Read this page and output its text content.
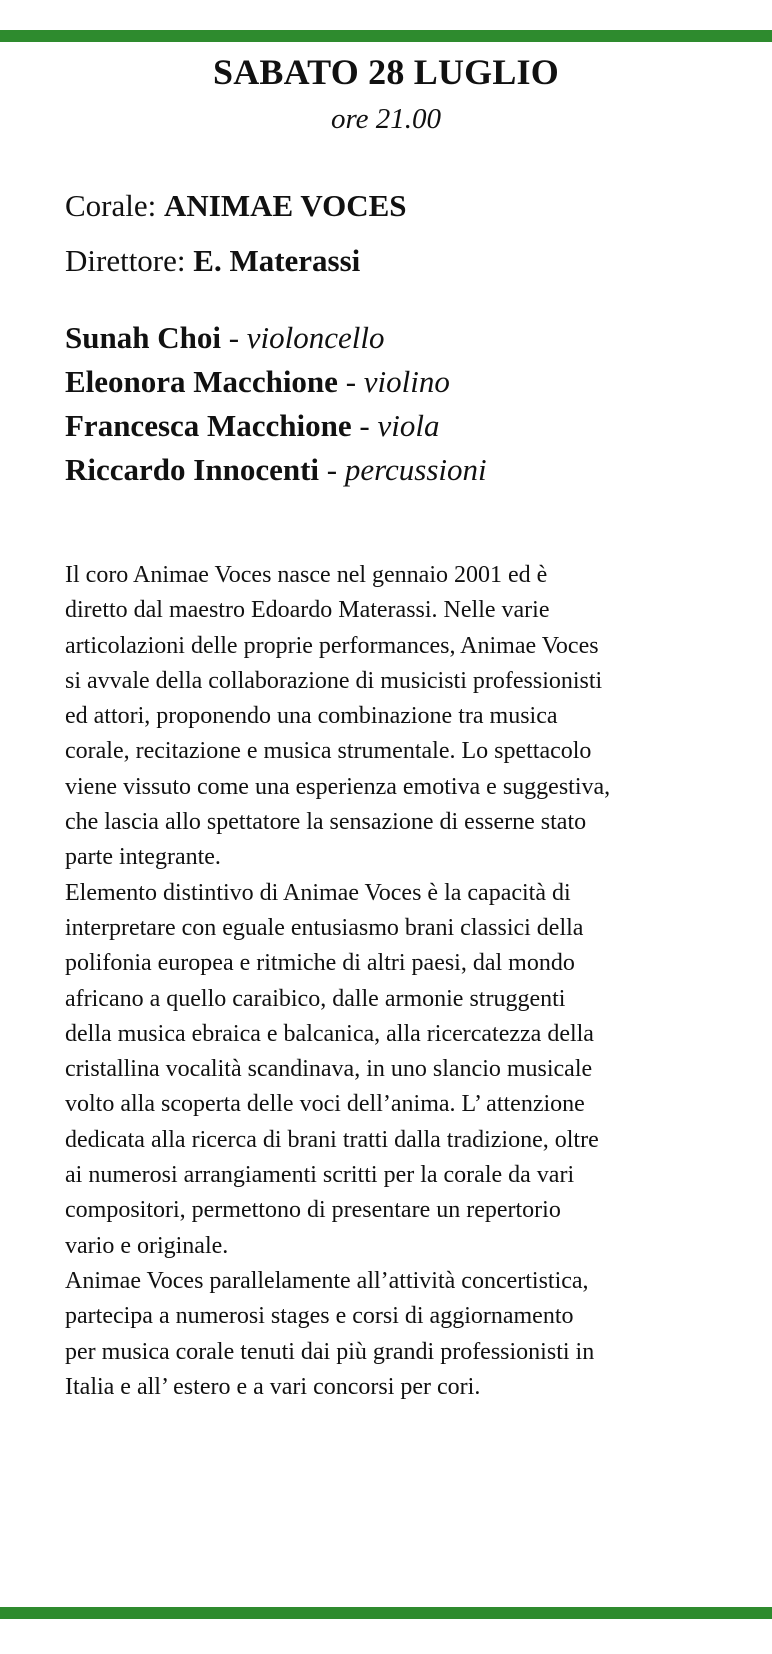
SABATO 28 LUGLIO
ore 21.00
Corale: ANIMAE VOCES
Direttore: E. Materassi
Sunah Choi - violoncello
Eleonora Macchione - violino
Francesca Macchione - viola
Riccardo Innocenti - percussioni
Il coro Animae Voces nasce nel gennaio 2001 ed è
diretto dal maestro Edoardo Materassi. Nelle varie
articolazioni delle proprie performances, Animae Voces
si avvale della collaborazione di musicisti professionisti
ed attori, proponendo una combinazione tra musica
corale, recitazione e musica strumentale. Lo spettacolo
viene vissuto come una esperienza emotiva e suggestiva,
che lascia allo spettatore la sensazione di esserne stato
parte integrante.
Elemento distintivo di Animae Voces è la capacità di
interpretare con eguale entusiasmo brani classici della
polifonia europea e ritmiche di altri paesi, dal mondo
africano a quello caraibico, dalle armonie struggenti
della musica ebraica e balcanica, alla ricercatezza della
cristallina vocalità scandinava, in uno slancio musicale
volto alla scoperta delle voci dell’anima. L’ attenzione
dedicata alla ricerca di brani tratti dalla tradizione, oltre
ai numerosi arrangiamenti scritti per la corale da vari
compositori, permettono di presentare un repertorio
vario e originale.
Animae Voces parallelamente all’attività concertistica,
partecipa a numerosi stages e corsi di aggiornamento
per musica corale tenuti dai più grandi professionisti in
Italia e all’ estero e a vari concorsi per cori.
